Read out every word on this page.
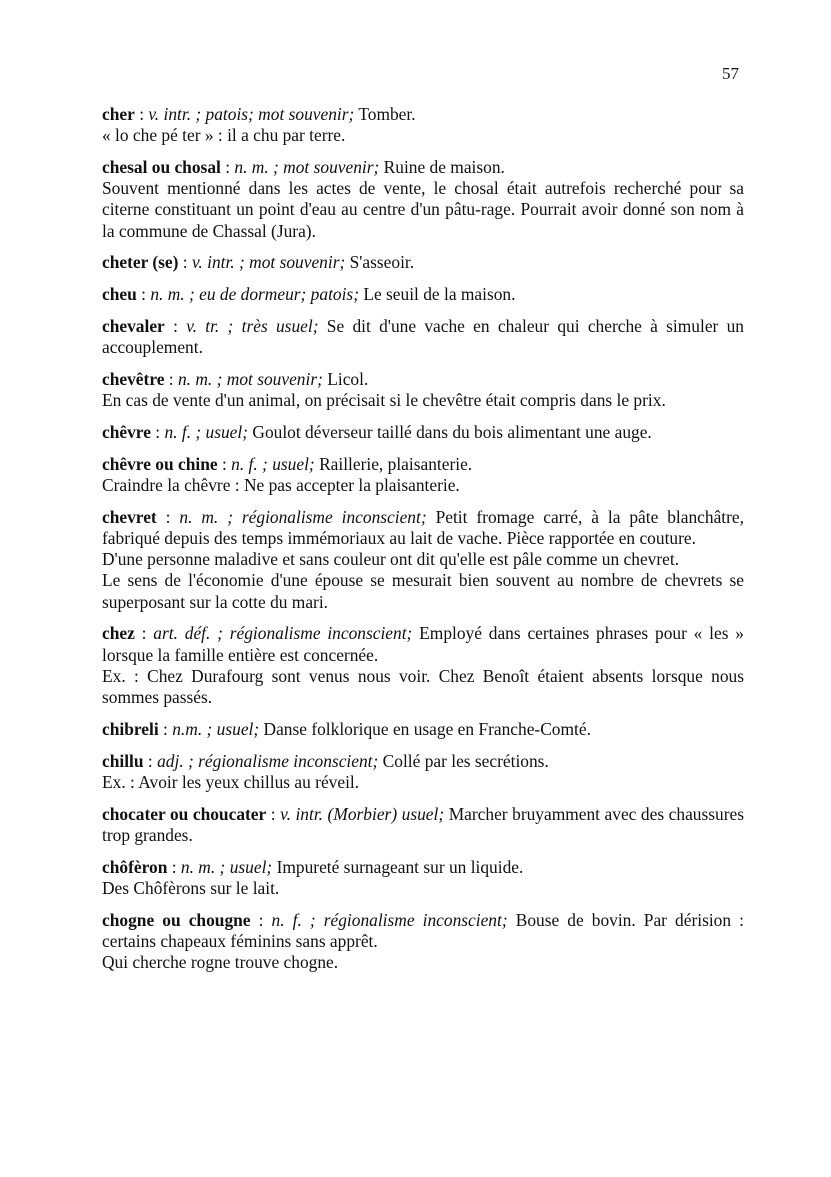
57

cher : v. intr. ; patois; mot souvenir; Tomber.

« lo che pé ter » : il a chu par terre.

chesal ou chosal : n. m. ; mot souvenir; Ruine de maison.

Souvent mentionné dans les actes de vente, le chosal était autrefois recherché pour sa citerne constituant un point d'eau au centre d'un pâtu-rage. Pourrait avoir donné son nom à la commune de Chassal (Jura).

cheter (se) : v. intr. ; mot souvenir; S'asseoir.

cheu : n. m. ; eu de dormeur; patois; Le seuil de la maison.

chevaler : v. tr. ; très usuel; Se dit d'une vache en chaleur qui cherche à simuler un accouplement.

chevêtre : n. m. ; mot souvenir; Licol.

En cas de vente d'un animal, on précisait si le chevêtre était compris dans le prix.

chêvre : n. f. ; usuel; Goulot déverseur taillé dans du bois alimentant une auge.

chêvre ou chine : n. f. ; usuel; Raillerie, plaisanterie.

Craindre la chêvre : Ne pas accepter la plaisanterie.

chevret : n. m. ; régionalisme inconscient; Petit fromage carré, à la pâte blanchâtre, fabriqué depuis des temps immémoriaux au lait de vache. Pièce rapportée en couture.

D'une personne maladive et sans couleur ont dit qu'elle est pâle comme un chevret.

Le sens de l'économie d'une épouse se mesurait bien souvent au nombre de chevrets se superposant sur la cotte du mari.

chez : art. déf. ; régionalisme inconscient; Employé dans certaines phrases pour « les » lorsque la famille entière est concernée.

Ex. : Chez Durafourg sont venus nous voir. Chez Benoît étaient absents lorsque nous sommes passés.

chibreli : n.m. ; usuel; Danse folklorique en usage en Franche-Comté.

chillu : adj. ; régionalisme inconscient; Collé par les secrétions.

Ex. : Avoir les yeux chillus au réveil.

chocater ou choucater : v. intr. (Morbier) usuel; Marcher bruyamment avec des chaussures trop grandes.

chôfèron : n. m. ; usuel; Impureté surnageant sur un liquide.

Des Chôfèrons sur le lait.

chogne ou chougne : n. f. ; régionalisme inconscient; Bouse de bovin. Par dérision : certains chapeaux féminins sans apprêt.

Qui cherche rogne trouve chogne.
